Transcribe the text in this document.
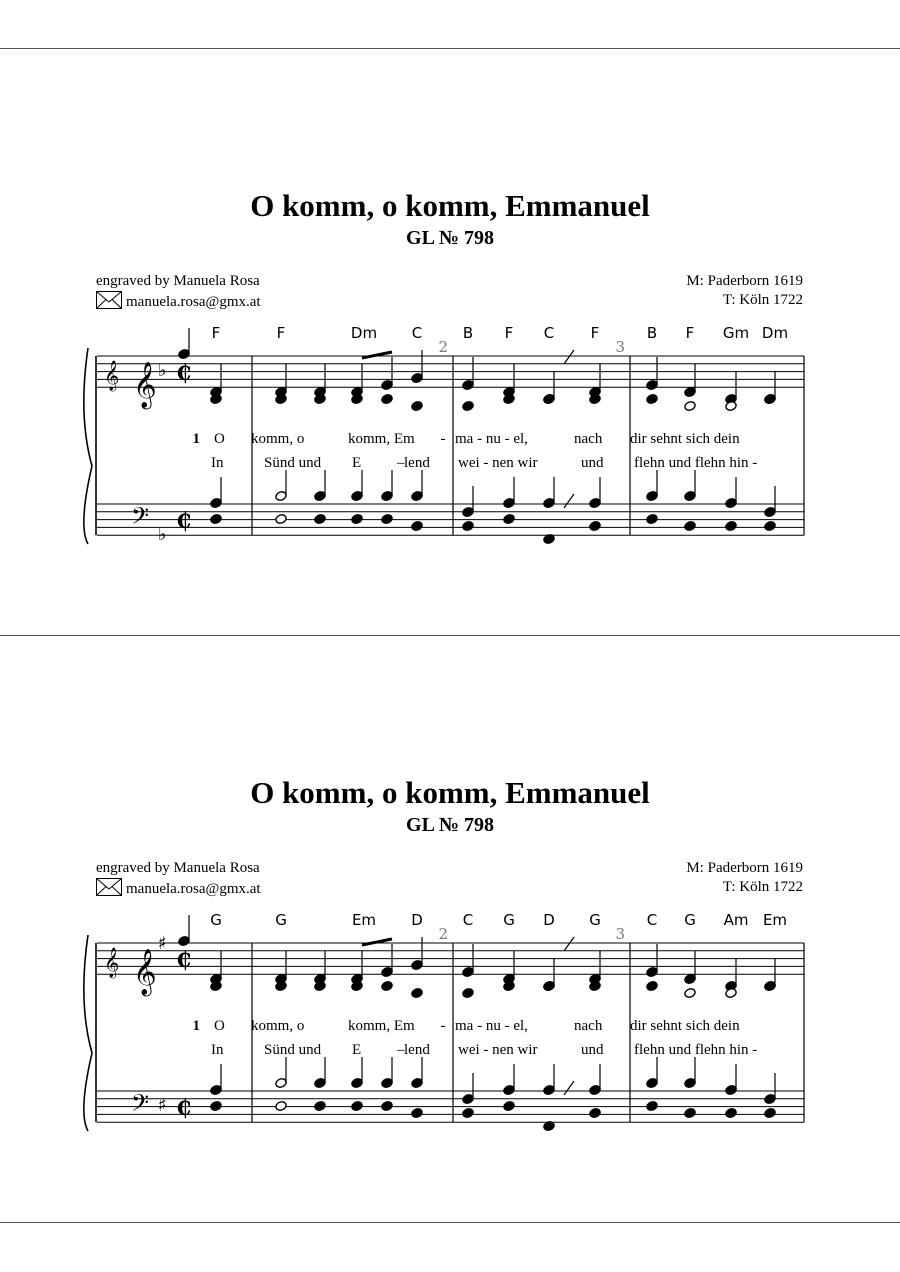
O komm, o komm, Emmanuel
GL № 798
engraved by Manuela Rosa
manuela.rosa@gmx.at
M: Paderborn 1619
T: Köln 1722
2	3
𝄞 𝄞
𝄢
♭
♭
₵
₵
F	F	Dm C	B F C F	B F Gm Dm
1 O komm, o	komm, Em - ma - nu - el,	nach dir sehnt sich dein
In	Sünd und E – lend wei - nen wir	und flehn und flehn hin -
O komm, o komm, Emmanuel
GL № 798
engraved by Manuela Rosa
manuela.rosa@gmx.at
M: Paderborn 1619
T: Köln 1722
2	3
𝄞 𝄞
𝄢
♯
♯
₵
₵
G	G	Em D	C G D G	C G Am Em
1 O komm, o	komm, Em - ma - nu - el,	nach dir sehnt sich dein
In	Sünd und E – lend wei - nen wir	und flehn und flehn hin -
